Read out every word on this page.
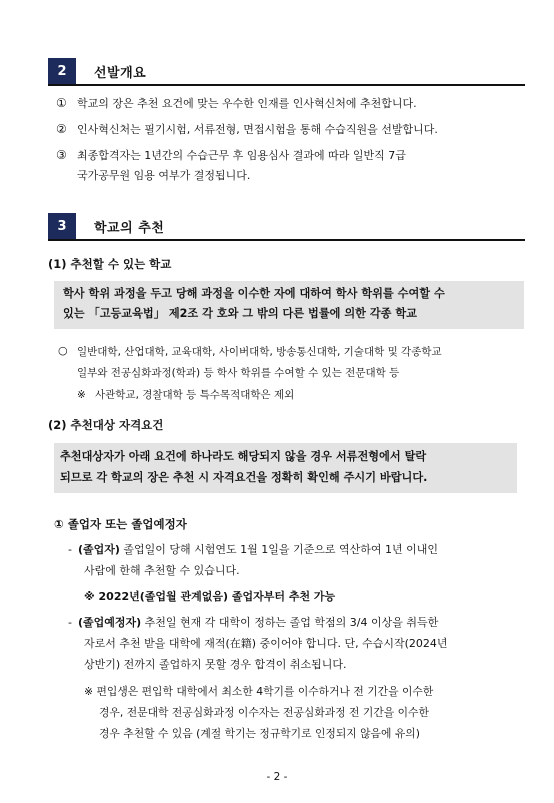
2	선발개요
① 학교의 장은 추천 요건에 맞는 우수한 인재를 인사혁신처에 추천합니다.
② 인사혁신처는 필기시험, 서류전형, 면접시험을 통해 수습직원을 선발합니다.
③ 최종합격자는 1년간의 수습근무 후 임용심사 결과에 따라 일반직 7급
국가공무원 임용 여부가 결정됩니다.
3	학교의 추천
(1) 추천할 수 있는 학교
학사 학위 과정을 두고 당해 과정을 이수한 자에 대하여 학사 학위를 수여할 수
있는 「고등교육법」 제2조 각 호와 그 밖의 다른 법률에 의한 각종 학교
○ 일반대학, 산업대학, 교육대학, 사이버대학, 방송통신대학, 기술대학 및 각종학교
일부와 전공심화과정(학과) 등 학사 학위를 수여할 수 있는 전문대학 등
※ 사관학교, 경찰대학 등 특수목적대학은 제외
(2) 추천대상 자격요건
추천대상자가 아래 요건에 하나라도 해당되지 않을 경우 서류전형에서 탈락
되므로 각 학교의 장은 추천 시 자격요건을 정확히 확인해 주시기 바랍니다.
① 졸업자 또는 졸업예정자
- (졸업자) 졸업일이 당해 시험연도 1월 1일을 기준으로 역산하여 1년 이내인
사람에 한해 추천할 수 있습니다.
※ 2022년(졸업월 관계없음) 졸업자부터 추천 가능
- (졸업예정자) 추천일 현재 각 대학이 정하는 졸업 학점의 3/4 이상을 취득한
자로서 추천 받을 대학에 재적(在籍) 중이어야 합니다. 단, 수습시작(2024년
상반기) 전까지 졸업하지 못할 경우 합격이 취소됩니다.
※ 편입생은 편입학 대학에서 최소한 4학기를 이수하거나 전 기간을 이수한
경우, 전문대학 전공심화과정 이수자는 전공심화과정 전 기간을 이수한
경우 추천할 수 있음 (계절 학기는 정규학기로 인정되지 않음에 유의)
- 2 -
